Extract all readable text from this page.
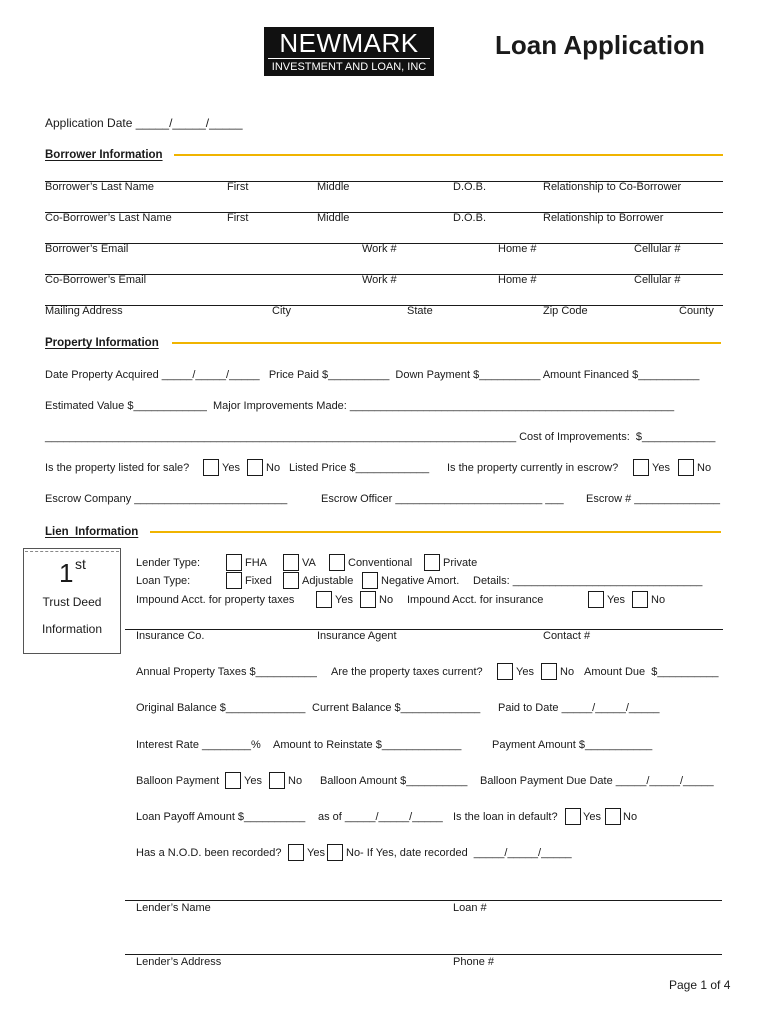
NEWMARK
INVESTMENT AND LOAN, INC
Loan Application
Application Date _____/_____/_____
Borrower Information
Borrower’s Last Name	First	Middle	D.O.B.	Relationship to Co-Borrower
Co-Borrower’s Last Name	First	Middle	D.O.B.	Relationship to Borrower
Borrower’s Email	Work #	Home #	Cellular #
Co-Borrower’s Email	Work #	Home #	Cellular #
Mailing Address	City	State	Zip Code	County
Property Information
Date Property Acquired _____/_____/_____   Price Paid $__________  Down Payment $__________ Amount Financed $__________
Estimated Value $____________  Major Improvements Made: _____________________________________________________
_____________________________________________________________________________ Cost of Improvements:  $____________
Is the property listed for sale?	Yes No Listed Price $____________ Is the property currently in escrow?	Yes No
Escrow Company _________________________	Escrow Officer ________________________ ___ Escrow # ______________
Lien  Information
1 st
Trust Deed
Information
Lender Type:	FHA	VA	Conventional	Private
Loan Type:	Fixed	Adjustable	Negative Amort. Details: _______________________________
Impound Acct. for property taxes	Yes No Impound Acct. for insurance	Yes No
Insurance Co.	Insurance Agent	Contact #
Annual Property Taxes $__________ Are the property taxes current?	Yes No Amount Due  $__________
Original Balance $_____________ Current Balance $_____________ Paid to Date _____/_____/_____
Interest Rate ________% Amount to Reinstate $_____________	Payment Amount $___________
Balloon Payment Yes No Balloon Amount $__________ Balloon Payment Due Date _____/_____/_____
Loan Payoff Amount $__________ as of _____/_____/_____ Is the loan in default? Yes No
Has a N.O.D. been recorded? Yes No- If Yes, date recorded  _____/_____/_____
Lender’s Name	Loan #
Lender’s Address	Phone #
Page 1 of 4
